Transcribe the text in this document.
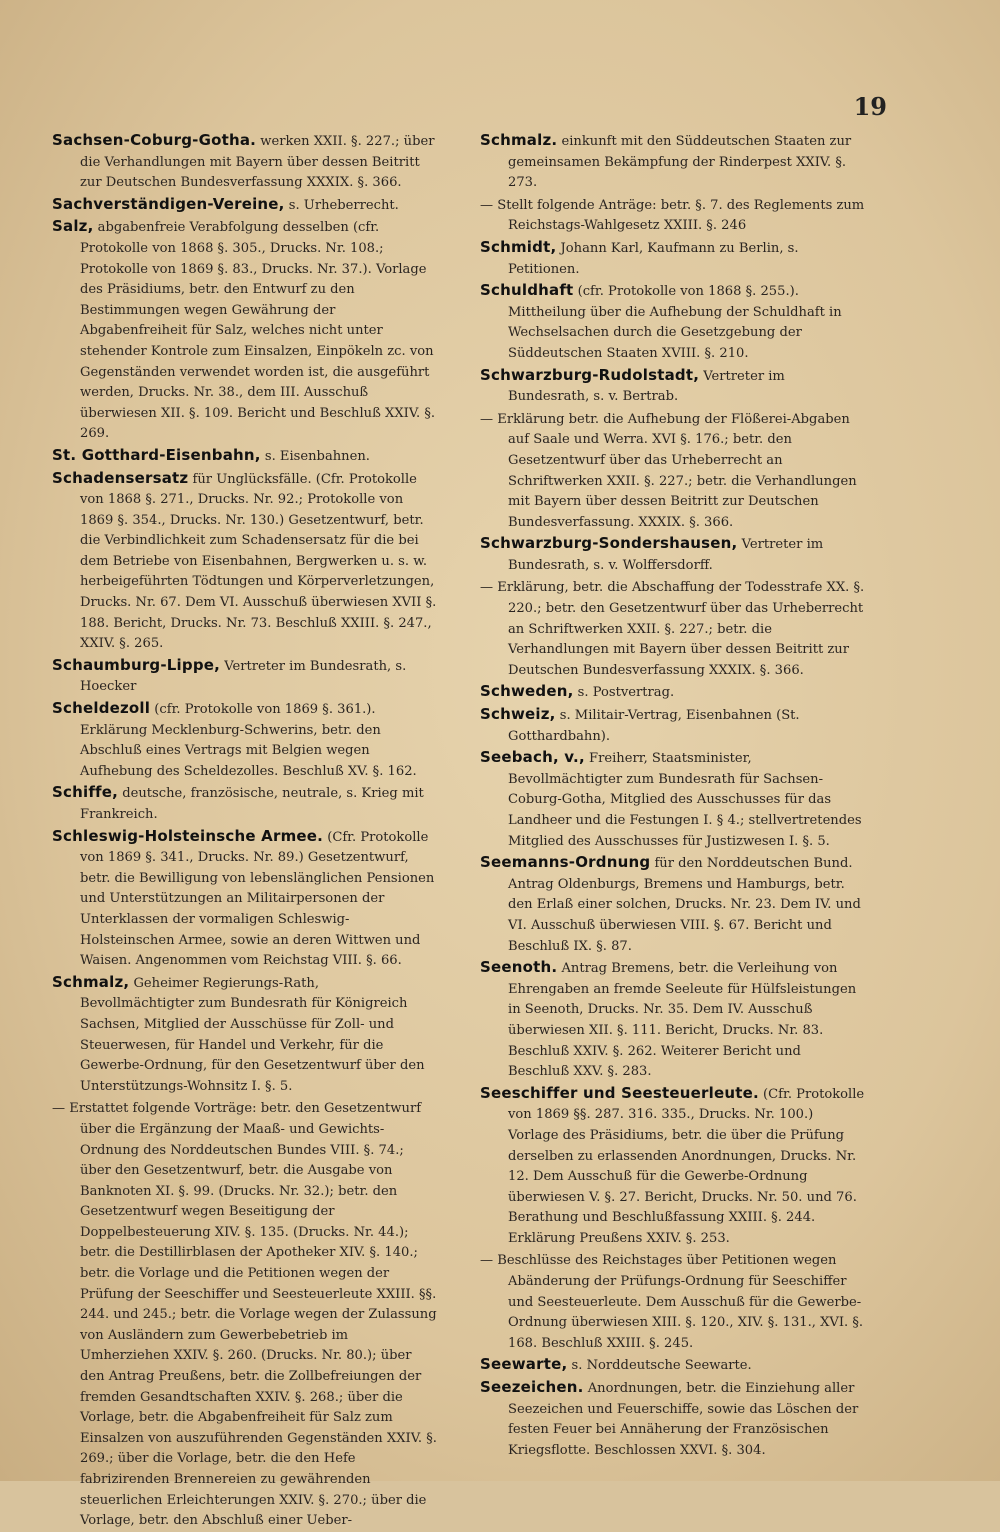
19

Sachsen-Coburg-Gotha. werken XXII. §. 227.; über die Verhandlungen mit Bayern über dessen Beitritt zur Deutschen Bundesverfassung XXXIX. §. 366.

Sachverständigen-Vereine, s. Urheberrecht.

Salz, abgabenfreie Verabfolgung desselben (cfr. Protokolle von 1868 §. 305., Drucks. Nr. 108.; Protokolle von 1869 §. 83., Drucks. Nr. 37.). Vorlage des Präsidiums, betr. den Entwurf zu den Bestimmungen wegen Gewährung der Abgabenfreiheit für Salz, welches nicht unter stehender Kontrole zum Einsalzen, Einpökeln zc. von Gegenständen verwendet worden ist, die ausgeführt werden, Drucks. Nr. 38., dem III. Ausschuß überwiesen XII. §. 109. Bericht und Beschluß XXIV. §. 269.

St. Gotthard-Eisenbahn, s. Eisenbahnen.

Schadensersatz für Unglücksfälle. (Cfr. Protokolle von 1868 §. 271., Drucks. Nr. 92.; Protokolle von 1869 §. 354., Drucks. Nr. 130.) Gesetzentwurf, betr. die Verbindlichkeit zum Schadensersatz für die bei dem Betriebe von Eisenbahnen, Bergwerken u. s. w. herbeigeführten Tödtungen und Körperverletzungen, Drucks. Nr. 67. Dem VI. Ausschuß überwiesen XVII §. 188. Bericht, Drucks. Nr. 73. Beschluß XXIII. §. 247., XXIV. §. 265.

Schaumburg-Lippe, Vertreter im Bundesrath, s. Hoecker

Scheldezoll (cfr. Protokolle von 1869 §. 361.). Erklärung Mecklenburg-Schwerins, betr. den Abschluß eines Vertrags mit Belgien wegen Aufhebung des Scheldezolles. Beschluß XV. §. 162.

Schiffe, deutsche, französische, neutrale, s. Krieg mit Frankreich.

Schleswig-Holsteinsche Armee. (Cfr. Protokolle von 1869 §. 341., Drucks. Nr. 89.) Gesetzentwurf, betr. die Bewilligung von lebenslänglichen Pensionen und Unterstützungen an Militairpersonen der Unterklassen der vormaligen Schleswig-Holsteinschen Armee, sowie an deren Wittwen und Waisen. Angenommen vom Reichstag VIII. §. 66.

Schmalz, Geheimer Regierungs-Rath, Bevollmächtigter zum Bundesrath für Königreich Sachsen, Mitglied der Ausschüsse für Zoll- und Steuerwesen, für Handel und Verkehr, für die Gewerbe-Ordnung, für den Gesetzentwurf über den Unterstützungs-Wohnsitz I. §. 5.

— Erstattet folgende Vorträge: betr. den Gesetzentwurf über die Ergänzung der Maaß- und Gewichts-Ordnung des Norddeutschen Bundes VIII. §. 74.; über den Gesetzentwurf, betr. die Ausgabe von Banknoten XI. §. 99. (Drucks. Nr. 32.); betr. den Gesetzentwurf wegen Beseitigung der Doppelbesteuerung XIV. §. 135. (Drucks. Nr. 44.); betr. die Destillirblasen der Apotheker XIV. §. 140.; betr. die Vorlage und die Petitionen wegen der Prüfung der Seeschiffer und Seesteuerleute XXIII. §§. 244. und 245.; betr. die Vorlage wegen der Zulassung von Ausländern zum Gewerbebetrieb im Umherziehen XXIV. §. 260. (Drucks. Nr. 80.); über den Antrag Preußens, betr. die Zollbefreiungen der fremden Gesandtschaften XXIV. §. 268.; über die Vorlage, betr. die Abgabenfreiheit für Salz zum Einsalzen von auszuführenden Gegenständen XXIV. §. 269.; über die Vorlage, betr. die den Hefe fabrizirenden Brennereien zu gewährenden steuerlichen Erleichterungen XXIV. §. 270.; über die Vorlage, betr. den Abschluß einer Ueber-

Schmalz. einkunft mit den Süddeutschen Staaten zur gemeinsamen Bekämpfung der Rinderpest XXIV. §. 273.

— Stellt folgende Anträge: betr. §. 7. des Reglements zum Reichstags-Wahlgesetz XXIII. §. 246

Schmidt, Johann Karl, Kaufmann zu Berlin, s. Petitionen.

Schuldhaft (cfr. Protokolle von 1868 §. 255.). Mittheilung über die Aufhebung der Schuldhaft in Wechselsachen durch die Gesetzgebung der Süddeutschen Staaten XVIII. §. 210.

Schwarzburg-Rudolstadt, Vertreter im Bundesrath, s. v. Bertrab.

— Erklärung betr. die Aufhebung der Flößerei-Abgaben auf Saale und Werra. XVI §. 176.; betr. den Gesetzentwurf über das Urheberrecht an Schriftwerken XXII. §. 227.; betr. die Verhandlungen mit Bayern über dessen Beitritt zur Deutschen Bundesverfassung. XXXIX. §. 366.

Schwarzburg-Sondershausen, Vertreter im Bundesrath, s. v. Wolffersdorff.

— Erklärung, betr. die Abschaffung der Todesstrafe XX. §. 220.; betr. den Gesetzentwurf über das Urheberrecht an Schriftwerken XXII. §. 227.; betr. die Verhandlungen mit Bayern über dessen Beitritt zur Deutschen Bundesverfassung XXXIX. §. 366.

Schweden, s. Postvertrag.

Schweiz, s. Militair-Vertrag, Eisenbahnen (St. Gotthardbahn).

Seebach, v., Freiherr, Staatsminister, Bevollmächtigter zum Bundesrath für Sachsen-Coburg-Gotha, Mitglied des Ausschusses für das Landheer und die Festungen I. § 4.; stellvertretendes Mitglied des Ausschusses für Justizwesen I. §. 5.

Seemanns-Ordnung für den Norddeutschen Bund. Antrag Oldenburgs, Bremens und Hamburgs, betr. den Erlaß einer solchen, Drucks. Nr. 23. Dem IV. und VI. Ausschuß überwiesen VIII. §. 67. Bericht und Beschluß IX. §. 87.

Seenoth. Antrag Bremens, betr. die Verleihung von Ehrengaben an fremde Seeleute für Hülfsleistungen in Seenoth, Drucks. Nr. 35. Dem IV. Ausschuß überwiesen XII. §. 111. Bericht, Drucks. Nr. 83. Beschluß XXIV. §. 262. Weiterer Bericht und Beschluß XXV. §. 283.

Seeschiffer und Seesteuerleute. (Cfr. Protokolle von 1869 §§. 287. 316. 335., Drucks. Nr. 100.) Vorlage des Präsidiums, betr. die über die Prüfung derselben zu erlassenden Anordnungen, Drucks. Nr. 12. Dem Ausschuß für die Gewerbe-Ordnung überwiesen V. §. 27. Bericht, Drucks. Nr. 50. und 76. Berathung und Beschlußfassung XXIII. §. 244. Erklärung Preußens XXIV. §. 253.

— Beschlüsse des Reichstages über Petitionen wegen Abänderung der Prüfungs-Ordnung für Seeschiffer und Seesteuerleute. Dem Ausschuß für die Gewerbe-Ordnung überwiesen XIII. §. 120., XIV. §. 131., XVI. §. 168. Beschluß XXIII. §. 245.

Seewarte, s. Norddeutsche Seewarte.

Seezeichen. Anordnungen, betr. die Einziehung aller Seezeichen und Feuerschiffe, sowie das Löschen der festen Feuer bei Annäherung der Französischen Kriegsflotte. Beschlossen XXVI. §. 304.
